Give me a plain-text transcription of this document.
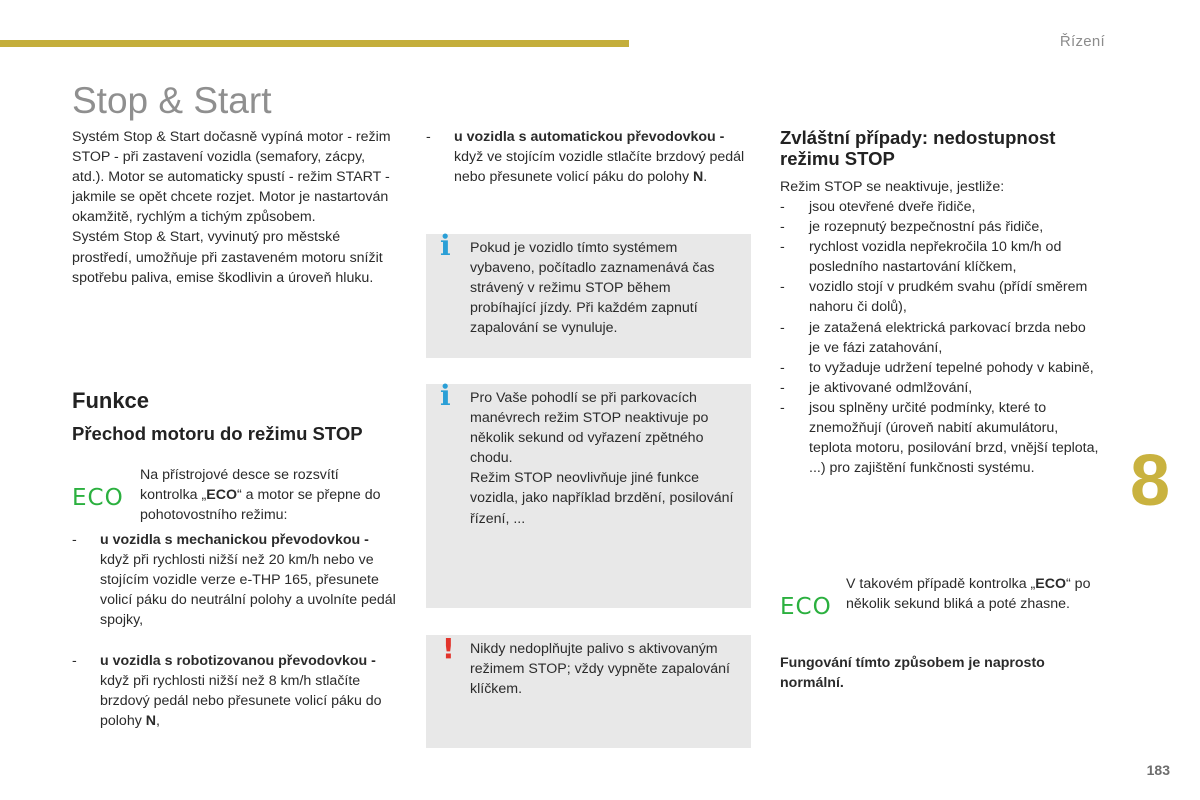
Řízení
Stop & Start

Systém Stop & Start dočasně vypíná motor - režim STOP - při zastavení vozidla (semafory, zácpy, atd.). Motor se automaticky spustí - režim START - jakmile se opět chcete rozjet. Motor je nastartován okamžitě, rychlým a tichým způsobem.

Systém Stop & Start, vyvinutý pro městské prostředí, umožňuje při zastaveném motoru snížit spotřebu paliva, emise škodlivin a úroveň hluku.

Funkce
Přechod motoru do režimu STOP
ECO
Na přístrojové desce se rozsvítí kontrolka „ECO“ a motor se přepne do pohotovostního režimu:
- u vozidla s mechanickou převodovkou - když při rychlosti nižší než 20 km/h nebo ve stojícím vozidle verze e-THP 165, přesunete volicí páku do neutrální polohy a uvolníte pedál spojky,
- u vozidla s robotizovanou převodovkou - když při rychlosti nižší než 8 km/h stlačíte brzdový pedál nebo přesunete volicí páku do polohy N,
- u vozidla s automatickou převodovkou - když ve stojícím vozidle stlačíte brzdový pedál nebo přesunete volicí páku do polohy N.
i Pokud je vozidlo tímto systémem vybaveno, počítadlo zaznamenává čas strávený v režimu STOP během probíhající jízdy. Při každém zapnutí zapalování se vynuluje.

i Pro Vaše pohodlí se při parkovacích manévrech režim STOP neaktivuje po několik sekund od vyřazení zpětného chodu.

Režim STOP neovlivňuje jiné funkce vozidla, jako například brzdění, posilování řízení, ...

! Nikdy nedoplňujte palivo s aktivovaným režimem STOP; vždy vypněte zapalování klíčkem.

Zvláštní případy: nedostupnost režimu STOP

Režim STOP se neaktivuje, jestliže:

- jsou otevřené dveře řidiče,
- je rozepnutý bezpečnostní pás řidiče,
- rychlost vozidla nepřekročila 10 km/h od posledního nastartování klíčkem,
- vozidlo stojí v prudkém svahu (přídí směrem nahoru či dolů),
- je zatažená elektrická parkovací brzda nebo je ve fázi zatahování,
- to vyžaduje udržení tepelné pohody v kabině,
- je aktivované odmlžování,
- jsou splněny určité podmínky, které to znemožňují (úroveň nabití akumulátoru, teplota motoru, posilování brzd, vnější teplota, ...) pro zajištění funkčnosti systému.
ECO
V takovém případě kontrolka „ECO“ po několik sekund bliká a poté zhasne.

Fungování tímto způsobem je naprosto normální.

8
183
